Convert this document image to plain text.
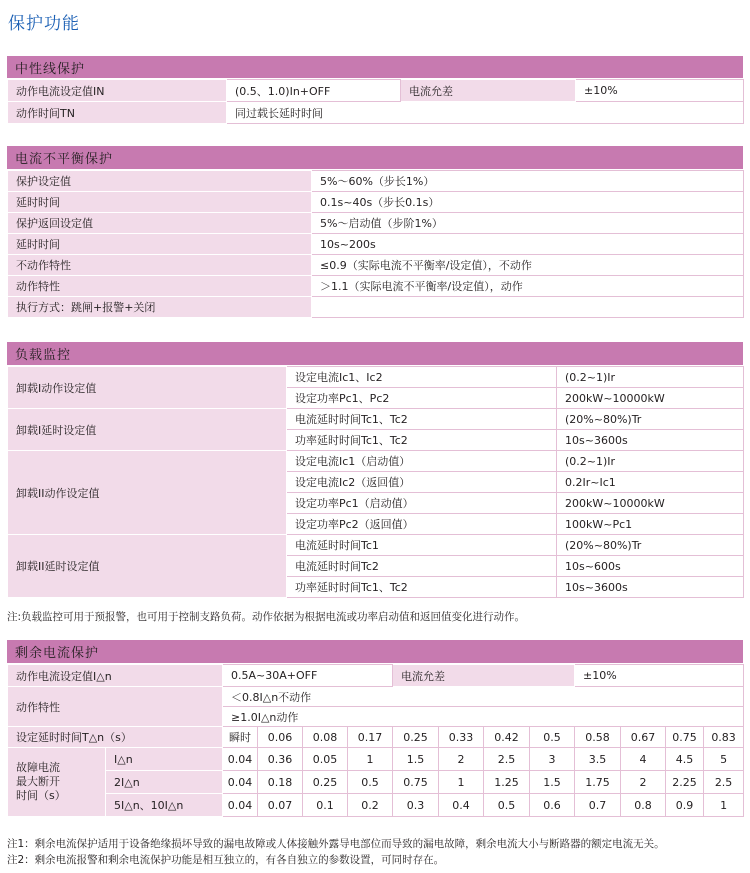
保护功能
中性线保护
动作电流设定值IN	(0.5、1.0)In+OFF	电流允差	±10%
动作时间TN	同过载长延时时间		
电流不平衡保护
保护设定值	5%～60%（步长1%）
延时时间	0.1s~40s（步长0.1s）
保护返回设定值	5%～启动值（步阶1%）
延时时间	10s~200s
不动作特性	≤0.9（实际电流不平衡率/设定值），不动作
动作特性	＞1.1（实际电流不平衡率/设定值），动作
执行方式：跳闸+报警+关闭	
负载监控
卸载I动作设定值	设定电流Ic1、Ic2	(0.2~1)Ir
	设定功率Pc1、Pc2	200kW~10000kW
卸载I延时设定值	电流延时时间Tc1、Tc2	(20%~80%)Tr
	功率延时时间Tc1、Tc2	10s~3600s
卸载II动作设定值	设定电流Ic1（启动值）	(0.2~1)Ir
	设定电流Ic2（返回值）	0.2Ir~Ic1
	设定功率Pc1（启动值）	200kW~10000kW
	设定功率Pc2（返回值）	100kW~Pc1
卸载II延时设定值	电流延时时间Tc1	(20%~80%)Tr
	电流延时时间Tc2	10s~600s
	功率延时时间Tc1、Tc2	10s~3600s
注:负载监控可用于预报警，也可用于控制支路负荷。动作依据为根据电流或功率启动值和返回值变化进行动作。
剩余电流保护
动作电流设定值I△n		0.5A~30A+OFF				电流允差				±10%			
动作特性		＜0.8I△n不动作											
		≥1.0I△n动作											
设定延时时间T△n（s）		瞬时	0.06	0.08	0.17	0.25	0.33	0.42	0.5	0.58	0.67	0.75	0.83

故障电流
最大断开
时间（s）	I△n	0.04	0.36	0.05	1	1.5	2	2.5	3	3.5	4	4.5	5
	2I△n	0.04	0.18	0.25	0.5	0.75	1	1.25	1.5	1.75	2	2.25	2.5
	5I△n、10I△n	0.04	0.07	0.1	0.2	0.3	0.4	0.5	0.6	0.7	0.8	0.9	1
注1：剩余电流保护适用于设备绝缘损坏导致的漏电故障或人体接触外露导电部位而导致的漏电故障，剩余电流大小与断路器的额定电流无关。
注2：剩余电流报警和剩余电流保护功能是相互独立的，有各自独立的参数设置，可同时存在。
